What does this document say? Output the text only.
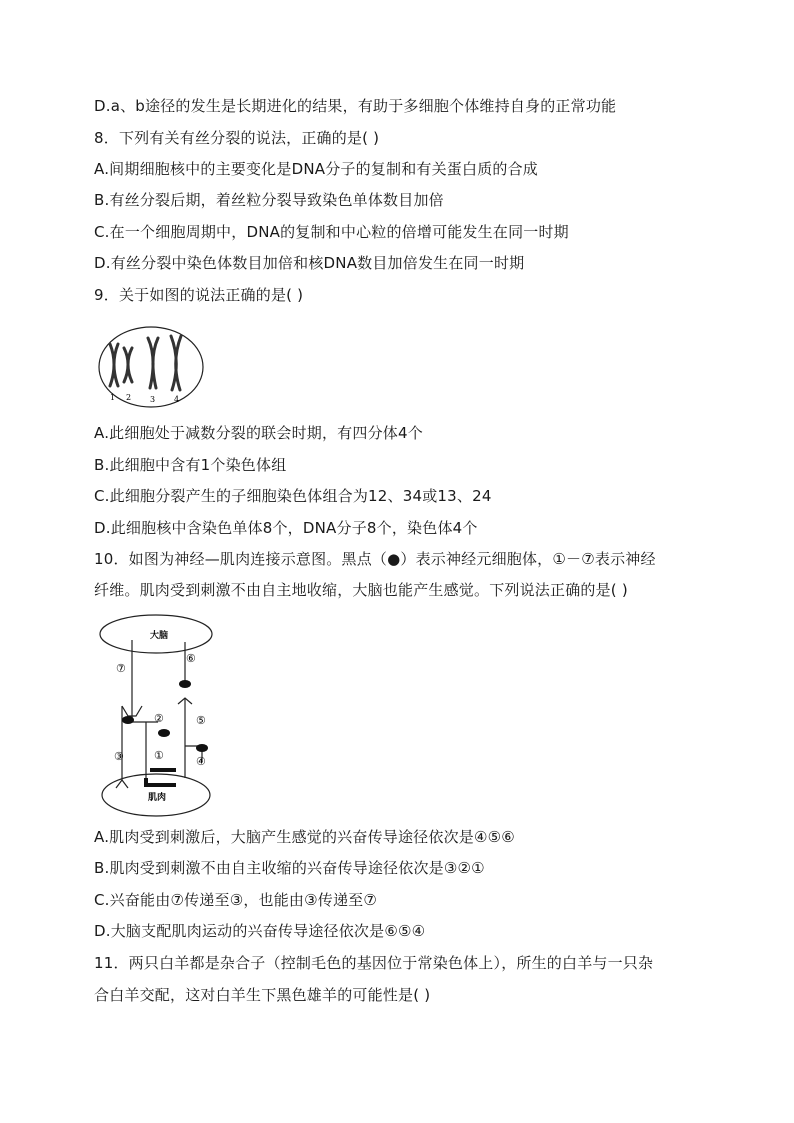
D.a、b途径的发生是长期进化的结果，有助于多细胞个体维持自身的正常功能
8．下列有关有丝分裂的说法，正确的是( )
A.间期细胞核中的主要变化是DNA分子的复制和有关蛋白质的合成
B.有丝分裂后期，着丝粒分裂导致染色单体数目加倍
C.在一个细胞周期中，DNA的复制和中心粒的倍增可能发生在同一时期
D.有丝分裂中染色体数目加倍和核DNA数目加倍发生在同一时期
9．关于如图的说法正确的是( )
1 2 3 4
A.此细胞处于减数分裂的联会时期，有四分体4个
B.此细胞中含有1个染色体组
C.此细胞分裂产生的子细胞染色体组合为12、34或13、24
D.此细胞核中含染色单体8个，DNA分子8个，染色体4个
10．如图为神经—肌肉连接示意图。黑点（●）表示神经元细胞体，①－⑦表示神经
纤维。肌肉受到刺激不由自主地收缩，大脑也能产生感觉。下列说法正确的是( )
大脑
肌肉
⑦
⑥
⑤
②
①	④
③
A.肌肉受到刺激后，大脑产生感觉的兴奋传导途径依次是④⑤⑥
B.肌肉受到刺激不由自主收缩的兴奋传导途径依次是③②①
C.兴奋能由⑦传递至③，也能由③传递至⑦
D.大脑支配肌肉运动的兴奋传导途径依次是⑥⑤④
11．两只白羊都是杂合子（控制毛色的基因位于常染色体上），所生的白羊与一只杂
合白羊交配，这对白羊生下黑色雄羊的可能性是( )
